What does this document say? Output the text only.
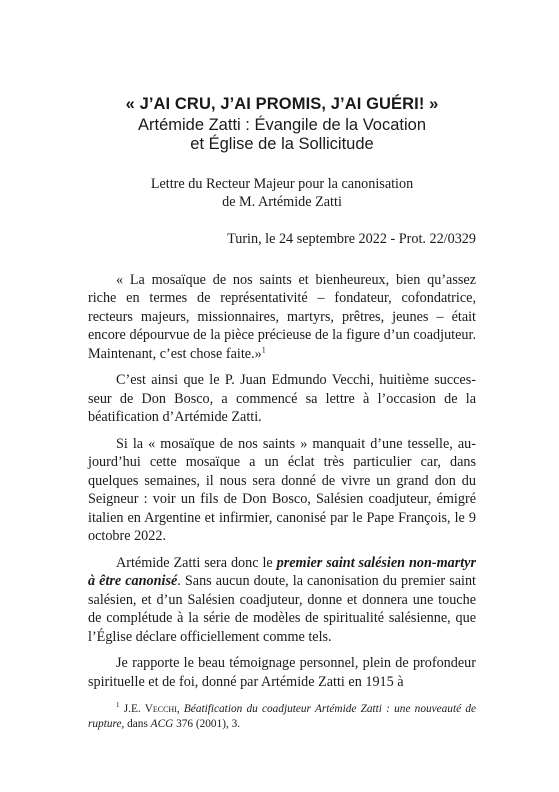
« J’AI CRU, J’AI PROMIS, J’AI GUÉRI! »

Artémide Zatti : Évangile de la Vocation
et Église de la Sollicitude

Lettre du Recteur Majeur pour la canonisation
de M. Artémide Zatti

Turin, le 24 septembre 2022 - Prot. 22/0329

« La mosaïque de nos saints et bienheureux, bien qu’assez riche en termes de représentativité – fondateur, cofondatrice, recteurs majeurs, missionnaires, martyrs, prêtres, jeunes – était encore dépourvue de la pièce précieuse de la figure d’un coadjuteur. Maintenant, c’est chose faite.»$^1$

C’est ainsi que le P. Juan Edmundo Vecchi, huitième successeur de Don Bosco, a commencé sa lettre à l’occasion de la béatification d’Artémide Zatti.

Si la « mosaïque de nos saints » manquait d’une tesselle, aujourd’hui cette mosaïque a un éclat très particulier car, dans quelques semaines, il nous sera donné de vivre un grand don du Seigneur : voir un fils de Don Bosco, Salésien coadjuteur, émigré italien en Argentine et infirmier, canonisé par le Pape François, le 9 octobre 2022.

Artémide Zatti sera donc le premier saint salésien non-martyr à être canonisé. Sans aucun doute, la canonisation du premier saint salésien, et d’un Salésien coadjuteur, donne et donnera une touche de complétude à la série de modèles de spiritualité salésienne, que l’Église déclare officiellement comme tels.

Je rapporte le beau témoignage personnel, plein de profondeur spirituelle et de foi, donné par Artémide Zatti en 1915 à

$^1$ J.E. Vecchi, Béatification du coadjuteur Artémide Zatti : une nouveauté de rupture, dans ACG 376 (2001), 3.
